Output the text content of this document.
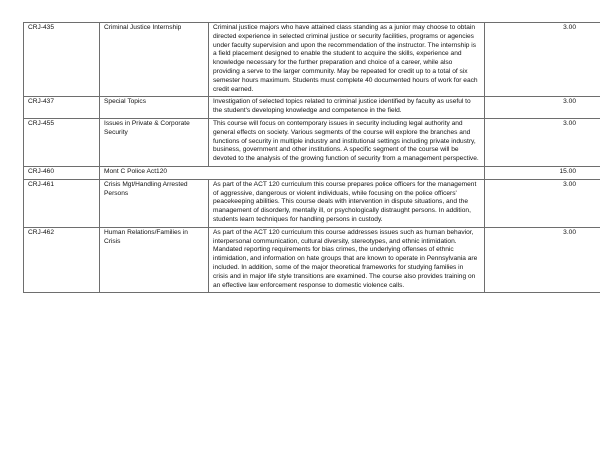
CRJ-435	Criminal Justice Internship	Criminal justice majors who have attained class standing as a junior may choose to obtain directed experience in selected criminal justice or security facilities, programs or agencies under faculty supervision and upon the recommendation of the instructor. The internship is a field placement designed to enable the student to acquire the skills, experience and knowledge necessary for the further preparation and choice of a career, while also providing a serve to the larger community. May be repeated for credit up to a total of six semester hours maximum. Students must complete 40 documented hours of work for each credit earned.	3.00
CRJ-437	Special Topics	Investigation of selected topics related to criminal justice identified by faculty as useful to the student's developing knowledge and competence in the field.	3.00
CRJ-455	Issues in Private & Corporate Security	This course will focus on contemporary issues in security including legal authority and general effects on society. Various segments of the course will explore the branches and functions of security in multiple industry and institutional settings including private industry, business, government and other institutions. A specific segment of the course will be devoted to the analysis of the growing function of security from a management perspective.	3.00
CRJ-460	Mont C Police Act120		15.00
CRJ-461	Crisis Mgt/Handling Arrested Persons	As part of the ACT 120 curriculum this course prepares police officers for the management of aggressive, dangerous or violent individuals, while focusing on the police officers' peacekeeping abilities. This course deals with intervention in dispute situations, and the management of disorderly, mentally ill, or psychologically distraught persons. In addition, students learn techniques for handling persons in custody.	3.00
CRJ-462	Human Relations/Families in Crisis	As part of the ACT 120 curriculum this course addresses issues such as human behavior, interpersonal communication, cultural diversity, stereotypes, and ethnic intimidation. Mandated reporting requirements for bias crimes, the underlying offenses of ethnic intimidation, and information on hate groups that are known to operate in Pennsylvania are included. In addition, some of the major theoretical frameworks for studying families in crisis and in major life style transitions are examined. The course also provides training on an effective law enforcement response to domestic violence calls.	3.00
